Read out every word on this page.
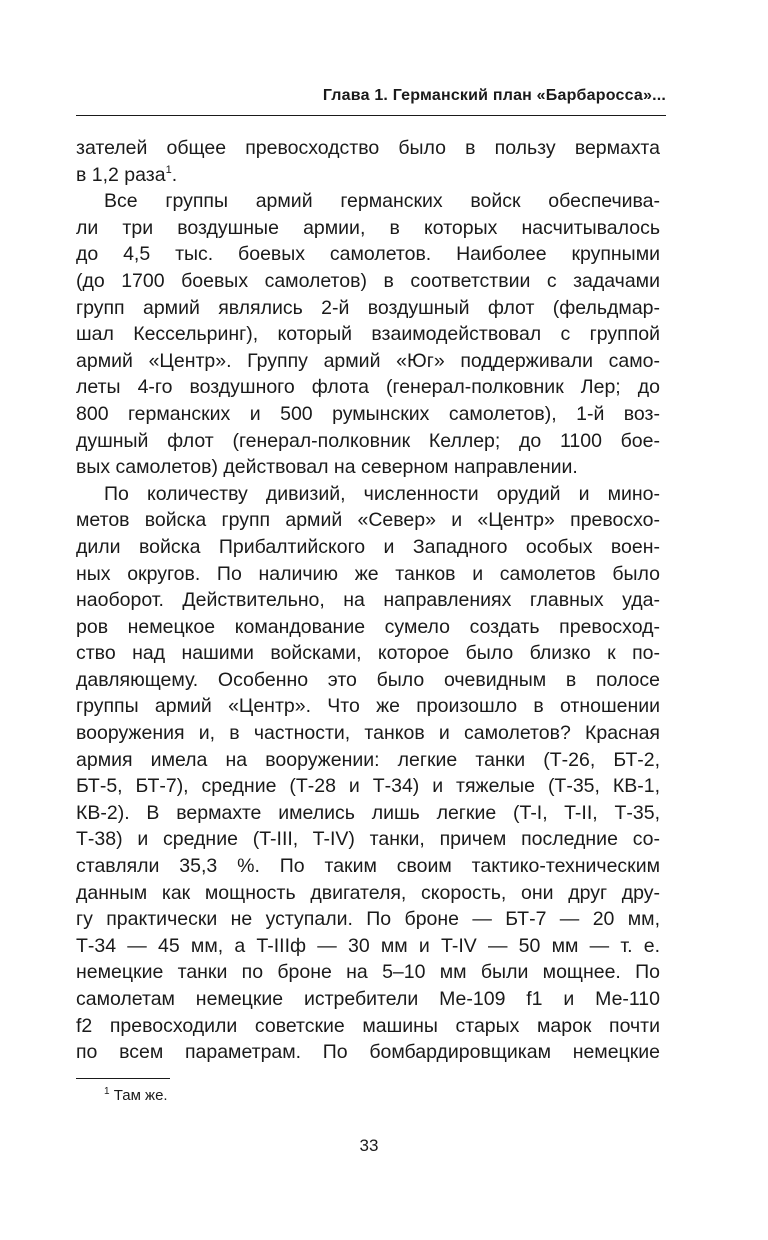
Глава 1. Германский план «Барбаросса»...
зателей общее превосходство было в пользу вермахта
в 1,2 раза$^1$.
Все группы армий германских войск обеспечива-
ли три воздушные армии, в которых насчитывалось
до 4,5 тыс. боевых самолетов. Наиболее крупными
(до 1700 боевых самолетов) в соответствии с задачами
групп армий являлись 2-й воздушный флот (фельдмар-
шал Кессельринг), который взаимодействовал с группой
армий «Центр». Группу армий «Юг» поддерживали само-
леты 4-го воздушного флота (генерал-полковник Лер; до
800 германских и 500 румынских самолетов), 1-й воз-
душный флот (генерал-полковник Келлер; до 1100 бое-
вых самолетов) действовал на северном направлении.
По количеству дивизий, численности орудий и мино-
метов войска групп армий «Север» и «Центр» превосхо-
дили войска Прибалтийского и Западного особых воен-
ных округов. По наличию же танков и самолетов было
наоборот. Действительно, на направлениях главных уда-
ров немецкое командование сумело создать превосход-
ство над нашими войсками, которое было близко к по-
давляющему. Особенно это было очевидным в полосе
группы армий «Центр». Что же произошло в отношении
вооружения и, в частности, танков и самолетов? Красная
армия имела на вооружении: легкие танки (Т-26, БТ-2,
БТ-5, БТ-7), средние (Т-28 и Т-34) и тяжелые (Т-35, КВ-1,
КВ-2). В вермахте имелись лишь легкие (T-I, T-II, Т-35,
Т-38) и средние (T-III, T-IV) танки, причем последние со-
ставляли 35,3 %. По таким своим тактико-техническим
данным как мощность двигателя, скорость, они друг дру-
гу практически не уступали. По броне — БТ-7 — 20 мм,
Т-34 — 45 мм, а T-IIIф — 30 мм и T-IV — 50 мм — т. е.
немецкие танки по броне на 5–10 мм были мощнее. По
самолетам немецкие истребители Ме-109 f1 и Ме-110
f2 превосходили советские машины старых марок почти
по всем параметрам. По бомбардировщикам немецкие
$^1$ Там же.
33
